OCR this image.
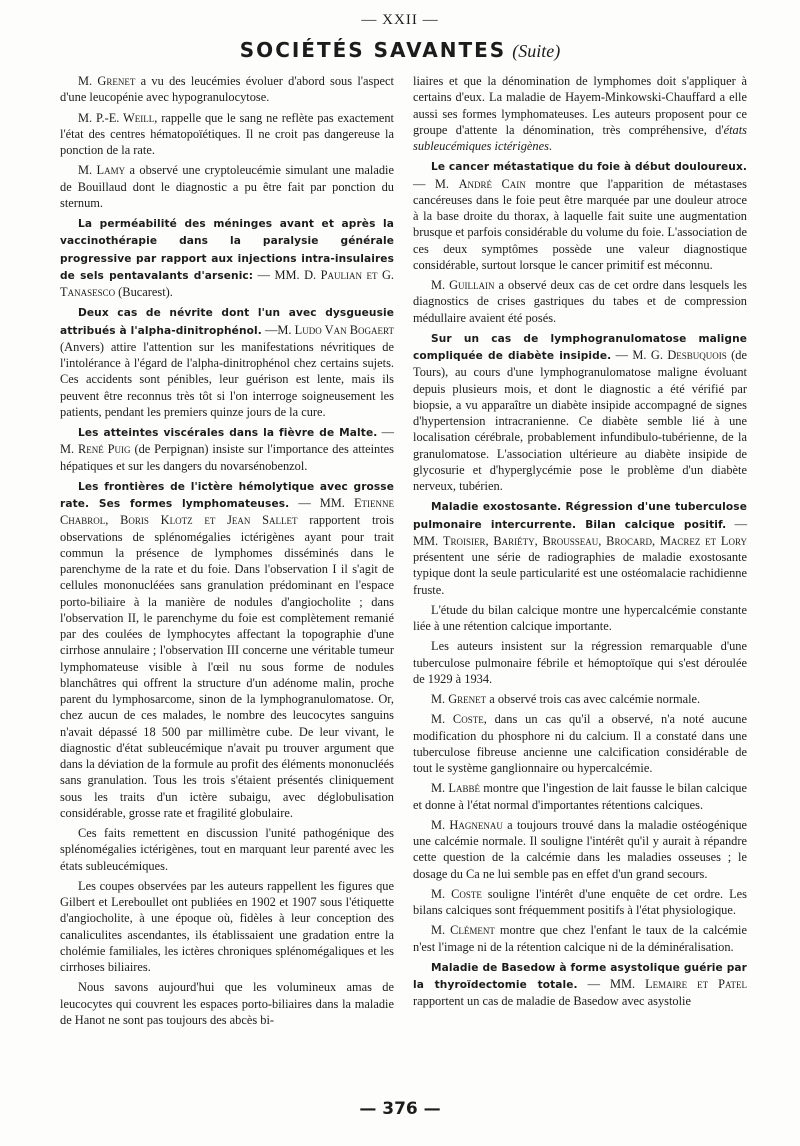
— XXII —
SOCIÉTÉS SAVANTES (Suite)

M. Grenet a vu des leucémies évoluer d'abord sous l'aspect d'une leucopénie avec hypogranulocytose.

M. P.-E. Weill, rappelle que le sang ne reflète pas exactement l'état des centres hématopoïétiques. Il ne croit pas dangereuse la ponction de la rate.

M. Lamy a observé une cryptoleucémie simulant une maladie de Bouillaud dont le diagnostic a pu être fait par ponction du sternum.

La perméabilité des méninges avant et après la vaccinothérapie dans la paralysie générale progressive par rapport aux injections intra-insulaires de sels pentavalants d'arsenic: — MM. D. Paulian et G. Tanasesco (Bucarest).

Deux cas de névrite dont l'un avec dysgueusie attribués à l'alpha-dinitrophénol. —M. Ludo Van Bogaert (Anvers) attire l'attention sur les manifestations névritiques de l'intolérance à l'égard de l'alpha-dinitrophénol chez certains sujets. Ces accidents sont pénibles, leur guérison est lente, mais ils peuvent être reconnus très tôt si l'on interroge soigneusement les patients, pendant les premiers quinze jours de la cure.

Les atteintes viscérales dans la fièvre de Malte. — M. René Puig (de Perpignan) insiste sur l'importance des atteintes hépatiques et sur les dangers du novarsénobenzol.

Les frontières de l'ictère hémolytique avec grosse rate. Ses formes lymphomateuses. — MM. Etienne Chabrol, Boris Klotz et Jean Sallet rapportent trois observations de splénomégalies ictérigènes ayant pour trait commun la présence de lymphomes disséminés dans le parenchyme de la rate et du foie. Dans l'observation I il s'agit de cellules mononucléées sans granulation prédominant en l'espace porto-biliaire à la manière de nodules d'angiocholite ; dans l'observation II, le parenchyme du foie est complètement remanié par des coulées de lymphocytes affectant la topographie d'une cirrhose annulaire ; l'observation III concerne une véritable tumeur lymphomateuse visible à l'œil nu sous forme de nodules blanchâtres qui offrent la structure d'un adénome malin, proche parent du lymphosarcome, sinon de la lymphogranulomatose. Or, chez aucun de ces malades, le nombre des leucocytes sanguins n'avait dépassé 18 500 par millimètre cube. De leur vivant, le diagnostic d'état subleucémique n'avait pu trouver argument que dans la déviation de la formule au profit des éléments mononucléés sans granulation. Tous les trois s'étaient présentés cliniquement sous les traits d'un ictère subaigu, avec déglobulisation considérable, grosse rate et fragilité globulaire.

Ces faits remettent en discussion l'unité pathogénique des splénomégalies ictérigènes, tout en marquant leur parenté avec les états subleucémiques.

Les coupes observées par les auteurs rappellent les figures que Gilbert et Lereboullet ont publiées en 1902 et 1907 sous l'étiquette d'angiocholite, à une époque où, fidèles à leur conception des canaliculites ascendantes, ils établissaient une gradation entre la cholémie familiales, les ictères chroniques splénomégaliques et les cirrhoses biliaires.

Nous savons aujourd'hui que les volumineux amas de leucocytes qui couvrent les espaces porto-biliaires dans la maladie de Hanot ne sont pas toujours des abcès bi-

liaires et que la dénomination de lymphomes doit s'appliquer à certains d'eux. La maladie de Hayem-Minkowski-Chauffard a elle aussi ses formes lymphomateuses. Les auteurs proposent pour ce groupe d'attente la dénomination, très compréhensive, d'états subleucémiques ictérigènes.

Le cancer métastatique du foie à début douloureux. — M. André Cain montre que l'apparition de métastases cancéreuses dans le foie peut être marquée par une douleur atroce à la base droite du thorax, à laquelle fait suite une augmentation brusque et parfois considérable du volume du foie. L'association de ces deux symptômes possède une valeur diagnostique considérable, surtout lorsque le cancer primitif est méconnu.

M. Guillain a observé deux cas de cet ordre dans lesquels les diagnostics de crises gastriques du tabes et de compression médullaire avaient été posés.

Sur un cas de lymphogranulomatose maligne compliquée de diabète insipide. — M. G. Desbuquois (de Tours), au cours d'une lymphogranulomatose maligne évoluant depuis plusieurs mois, et dont le diagnostic a été vérifié par biopsie, a vu apparaître un diabète insipide accompagné de signes d'hypertension intracranienne. Ce diabète semble lié à une localisation cérébrale, probablement infundibulo-tubérienne, de la granulomatose. L'association ultérieure au diabète insipide de glycosurie et d'hyperglycémie pose le problème d'un diabète nerveux, tubérien.

Maladie exostosante. Régression d'une tuberculose pulmonaire intercurrente. Bilan calcique positif. — MM. Troisier, Bariéty, Brousseau, Brocard, Macrez et Lory présentent une série de radiographies de maladie exostosante typique dont la seule particularité est une ostéomalacie rachidienne fruste.

L'étude du bilan calcique montre une hypercalcémie constante liée à une rétention calcique importante.

Les auteurs insistent sur la régression remarquable d'une tuberculose pulmonaire fébrile et hémoptoïque qui s'est déroulée de 1929 à 1934.

M. Grenet a observé trois cas avec calcémie normale.

M. Coste, dans un cas qu'il a observé, n'a noté aucune modification du phosphore ni du calcium. Il a constaté dans une tuberculose fibreuse ancienne une calcification considérable de tout le système ganglionnaire ou hypercalcémie.

M. Labbé montre que l'ingestion de lait fausse le bilan calcique et donne à l'état normal d'importantes rétentions calciques.

M. Hagnenau a toujours trouvé dans la maladie ostéogénique une calcémie normale. Il souligne l'intérêt qu'il y aurait à répandre cette question de la calcémie dans les maladies osseuses ; le dosage du Ca ne lui semble pas en effet d'un grand secours.

M. Coste souligne l'intérêt d'une enquête de cet ordre. Les bilans calciques sont fréquemment positifs à l'état physiologique.

M. Clément montre que chez l'enfant le taux de la calcémie n'est l'image ni de la rétention calcique ni de la déminéralisation.

Maladie de Basedow à forme asystolique guérie par la thyroïdectomie totale. — MM. Lemaire et Patel rapportent un cas de maladie de Basedow avec asystolie

— 376 —
